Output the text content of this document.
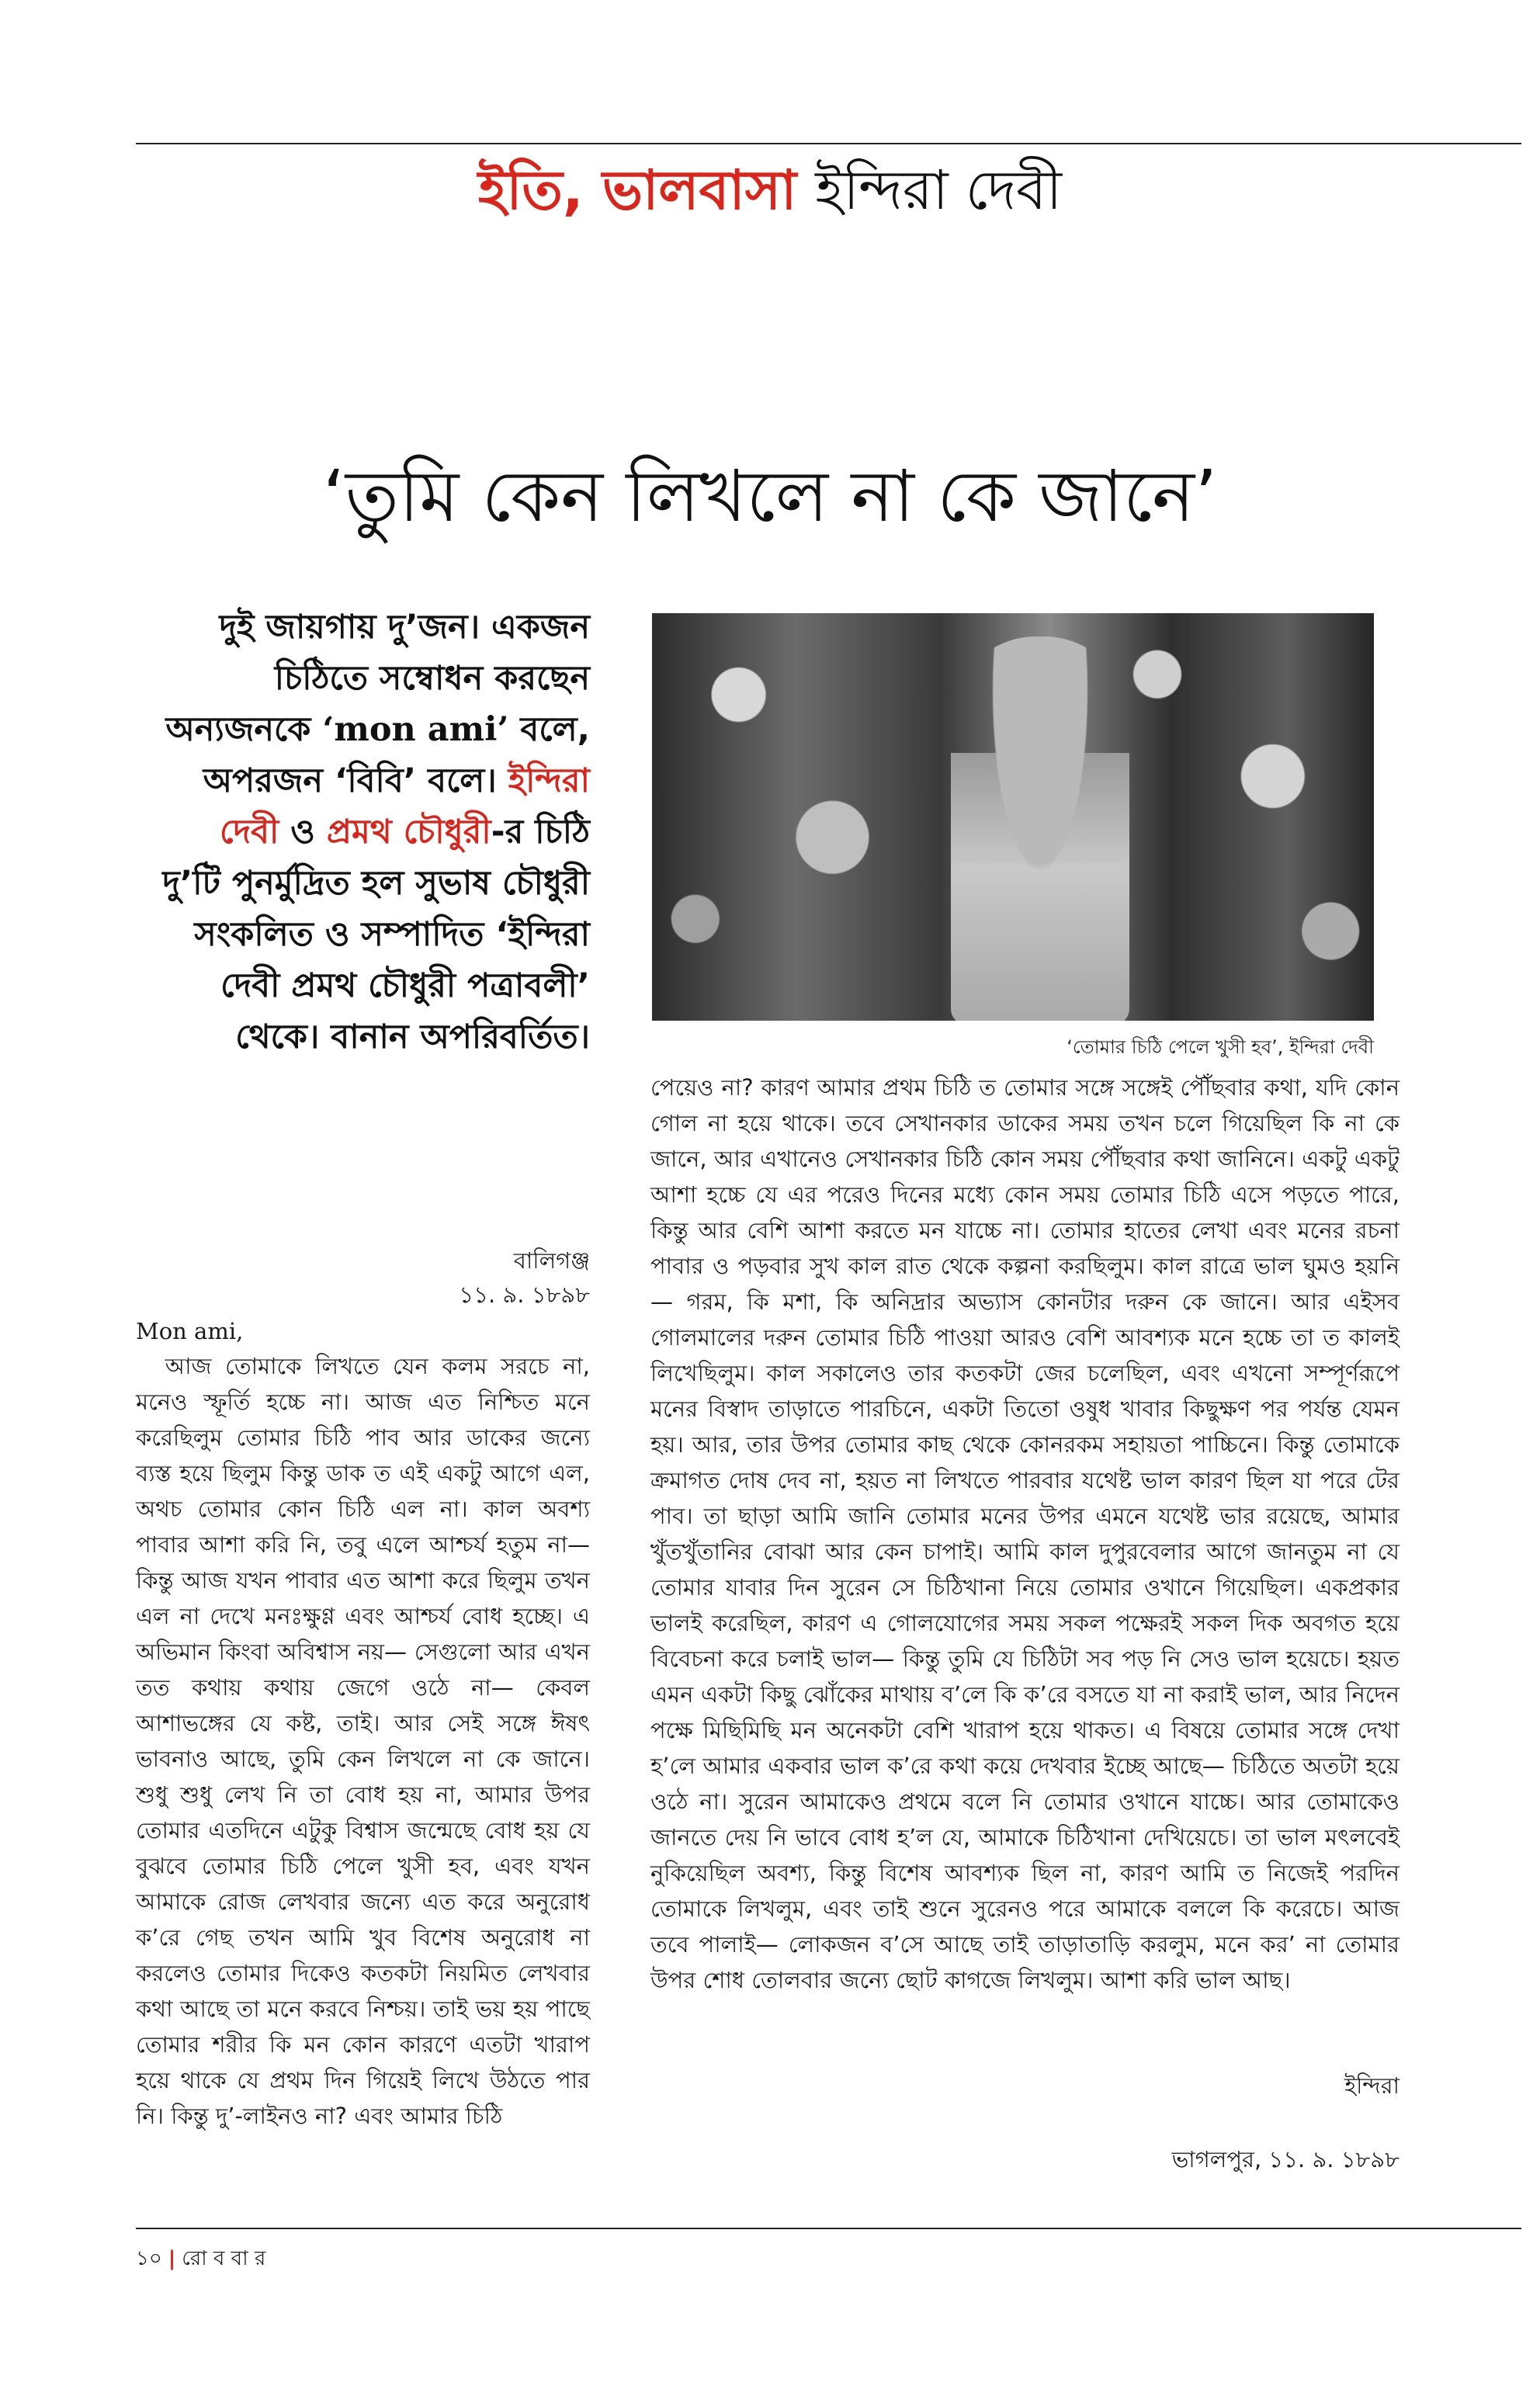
ইতি, ভালবাসা ইন্দিরা দেবী
‘তুমি কেন লিখলে না কে জানে’
দুই জায়গায় দু’জন। একজন চিঠিতে সম্বোধন করছেন অন্যজনকে ‘mon ami’ বলে, অপরজন ‘বিবি’ বলে। ইন্দিরা দেবী ও প্রমথ চৌধুরী-র চিঠি দু’টি পুনর্মুদ্রিত হল সুভাষ চৌধুরী সংকলিত ও সম্পাদিত ‘ইন্দিরা দেবী প্রমথ চৌধুরী পত্রাবলী’ থেকে। বানান অপরিবর্তিত।	‘তোমার চিঠি পেলে খুসী হব’, ইন্দিরা দেবী
বালিগঞ্জ
১১. ৯. ১৮৯৮
Mon ami,
আজ তোমাকে লিখতে যেন কলম সরচে না, মনেও স্ফূর্তি হচ্চে না। আজ এত নিশ্চিত মনে করেছিলুম তোমার চিঠি পাব আর ডাকের জন্যে ব্যস্ত হয়ে ছিলুম কিন্তু ডাক ত এই একটু আগে এল, অথচ তোমার কোন চিঠি এল না। কাল অবশ্য পাবার আশা করি নি, তবু এলে আশ্চর্য হতুম না— কিন্তু আজ যখন পাবার এত আশা করে ছিলুম তখন এল না দেখে মনঃক্ষুণ্ণ এবং আশ্চর্য বোধ হচ্ছে। এ অভিমান কিংবা অবিশ্বাস নয়— সেগুলো আর এখন তত কথায় কথায় জেগে ওঠে না— কেবল আশাভঙ্গের যে কষ্ট, তাই। আর সেই সঙ্গে ঈষৎ ভাবনাও আছে, তুমি কেন লিখলে না কে জানে। শুধু শুধু লেখ নি তা বোধ হয় না, আমার উপর তোমার এতদিনে এটুকু বিশ্বাস জন্মেছে বোধ হয় যে বুঝবে তোমার চিঠি পেলে খুসী হব, এবং যখন আমাকে রোজ লেখবার জন্যে এত করে অনুরোধ ক’রে গেছ তখন আমি খুব বিশেষ অনুরোধ না করলেও তোমার দিকেও কতকটা নিয়মিত লেখবার কথা আছে তা মনে করবে নিশ্চয়। তাই ভয় হয় পাছে তোমার শরীর কি মন কোন কারণে এতটা খারাপ হয়ে থাকে যে প্রথম দিন গিয়েই লিখে উঠতে পার নি। কিন্তু দু’-লাইনও না? এবং আমার চিঠি
পেয়েও না? কারণ আমার প্রথম চিঠি ত তোমার সঙ্গে সঙ্গেই পৌঁছবার কথা, যদি কোন গোল না হয়ে থাকে। তবে সেখানকার ডাকের সময় তখন চলে গিয়েছিল কি না কে জানে, আর এখানেও সেখানকার চিঠি কোন সময় পৌঁছবার কথা জানিনে। একটু একটু আশা হচ্চে যে এর পরেও দিনের মধ্যে কোন সময় তোমার চিঠি এসে পড়তে পারে, কিন্তু আর বেশি আশা করতে মন যাচ্চে না। তোমার হাতের লেখা এবং মনের রচনা পাবার ও পড়বার সুখ কাল রাত থেকে কল্পনা করছিলুম। কাল রাত্রে ভাল ঘুমও হয়নি— গরম, কি মশা, কি অনিদ্রার অভ্যাস কোনটার দরুন কে জানে। আর এইসব গোলমালের দরুন তোমার চিঠি পাওয়া আরও বেশি আবশ্যক মনে হচ্চে তা ত কালই লিখেছিলুম। কাল সকালেও তার কতকটা জের চলেছিল, এবং এখনো সম্পূর্ণরূপে মনের বিস্বাদ তাড়াতে পারচিনে, একটা তিতো ওষুধ খাবার কিছুক্ষণ পর পর্যন্ত যেমন হয়। আর, তার উপর তোমার কাছ থেকে কোনরকম সহায়তা পাচ্চিনে। কিন্তু তোমাকে ক্রমাগত দোষ দেব না, হয়ত না লিখতে পারবার যথেষ্ট ভাল কারণ ছিল যা পরে টের পাব। তা ছাড়া আমি জানি তোমার মনের উপর এমনে যথেষ্ট ভার রয়েছে, আমার খুঁতখুঁতানির বোঝা আর কেন চাপাই। আমি কাল দুপুরবেলার আগে জানতুম না যে তোমার যাবার দিন সুরেন সে চিঠিখানা নিয়ে তোমার ওখানে গিয়েছিল। একপ্রকার ভালই করেছিল, কারণ এ গোলযোগের সময় সকল পক্ষেরই সকল দিক অবগত হয়ে বিবেচনা করে চলাই ভাল— কিন্তু তুমি যে চিঠিটা সব পড় নি সেও ভাল হয়েচে। হয়ত এমন একটা কিছু ঝোঁকের মাথায় ব’লে কি ক’রে বসতে যা না করাই ভাল, আর নিদেন পক্ষে মিছিমিছি মন অনেকটা বেশি খারাপ হয়ে থাকত। এ বিষয়ে তোমার সঙ্গে দেখা হ’লে আমার একবার ভাল ক’রে কথা কয়ে দেখবার ইচ্ছে আছে— চিঠিতে অতটা হয়ে ওঠে না। সুরেন আমাকেও প্রথমে বলে নি তোমার ওখানে যাচ্চে। আর তোমাকেও জানতে দেয় নি ভাবে বোধ হ’ল যে, আমাকে চিঠিখানা দেখিয়েচে। তা ভাল মৎলবেই নুকিয়েছিল অবশ্য, কিন্তু বিশেষ আবশ্যক ছিল না, কারণ আমি ত নিজেই পরদিন তোমাকে লিখলুম, এবং তাই শুনে সুরেনও পরে আমাকে বললে কি করেচে। আজ তবে পালাই— লোকজন ব’সে আছে তাই তাড়াতাড়ি করলুম, মনে কর’ না তোমার উপর শোধ তোলবার জন্যে ছোট কাগজে লিখলুম। আশা করি ভাল আছ।
ইন্দিরা
ভাগলপুর, ১১. ৯. ১৮৯৮
১০ | রো ব বা র
